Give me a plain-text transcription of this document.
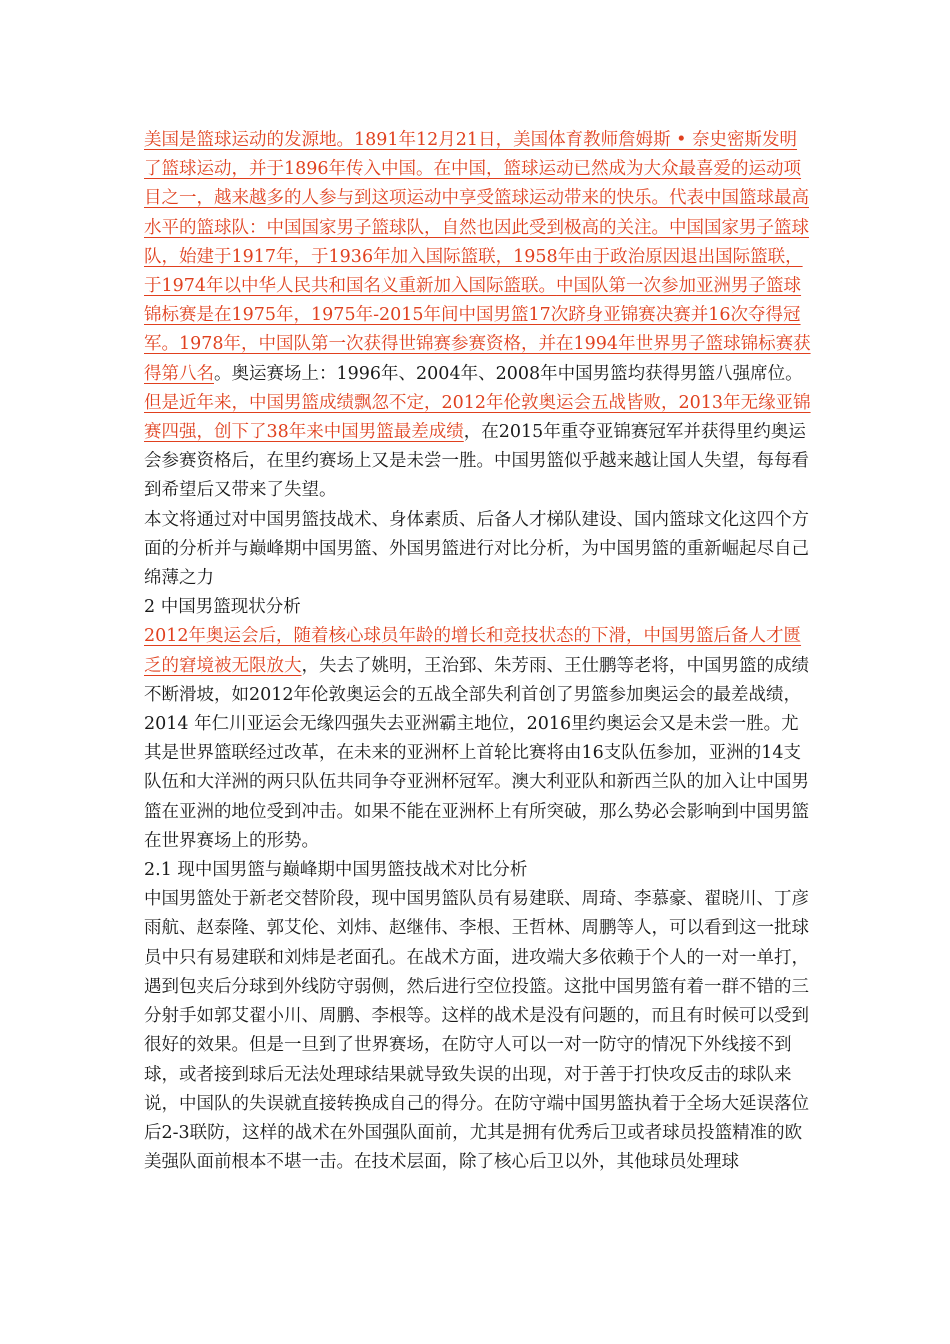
美国是篮球运动的发源地。1891年12月21日，美国体育教师詹姆斯 • 奈史密斯发明了篮球运动，并于1896年传入中国。在中国，篮球运动已然成为大众最喜爱的运动项目之一，越来越多的人参与到这项运动中享受篮球运动带来的快乐。代表中国篮球最高水平的篮球队：中国国家男子篮球队，自然也因此受到极高的关注。中国国家男子篮球队，始建于1917年，于1936年加入国际篮联，1958年由于政治原因退出国际篮联，于1974年以中华人民共和国名义重新加入国际篮联。中国队第一次参加亚洲男子篮球锦标赛是在1975年，1975年-2015年间中国男篮17次跻身亚锦赛决赛并16次夺得冠军。1978年，中国队第一次获得世锦赛参赛资格，并在1994年世界男子篮球锦标赛获得第八名。奥运赛场上：1996年、2004年、2008年中国男篮均获得男篮八强席位。但是近年来，中国男篮成绩飘忽不定，2012年伦敦奥运会五战皆败，2013年无缘亚锦赛四强，创下了38年来中国男篮最差成绩，在2015年重夺亚锦赛冠军并获得里约奥运会参赛资格后，在里约赛场上又是未尝一胜。中国男篮似乎越来越让国人失望，每每看到希望后又带来了失望。

本文将通过对中国男篮技战术、身体素质、后备人才梯队建设、国内篮球文化这四个方面的分析并与巅峰期中国男篮、外国男篮进行对比分析，为中国男篮的重新崛起尽自己绵薄之力

2 中国男篮现状分析

2012年奥运会后，随着核心球员年龄的增长和竞技状态的下滑，中国男篮后备人才匮乏的窘境被无限放大，失去了姚明，王治郅、朱芳雨、王仕鹏等老将，中国男篮的成绩不断滑坡，如2012年伦敦奥运会的五战全部失利首创了男篮参加奥运会的最差战绩，2014 年仁川亚运会无缘四强失去亚洲霸主地位，2016里约奥运会又是未尝一胜。尤其是世界篮联经过改革，在未来的亚洲杯上首轮比赛将由16支队伍参加，亚洲的14支队伍和大洋洲的两只队伍共同争夺亚洲杯冠军。澳大利亚队和新西兰队的加入让中国男篮在亚洲的地位受到冲击。如果不能在亚洲杯上有所突破，那么势必会影响到中国男篮在世界赛场上的形势。

2.1 现中国男篮与巅峰期中国男篮技战术对比分析

中国男篮处于新老交替阶段，现中国男篮队员有易建联、周琦、李慕豪、翟晓川、丁彦雨航、赵泰隆、郭艾伦、刘炜、赵继伟、李根、王哲林、周鹏等人，可以看到这一批球员中只有易建联和刘炜是老面孔。在战术方面，进攻端大多依赖于个人的一对一单打，遇到包夹后分球到外线防守弱侧，然后进行空位投篮。这批中国男篮有着一群不错的三分射手如郭艾翟小川、周鹏、李根等。这样的战术是没有问题的，而且有时候可以受到很好的效果。但是一旦到了世界赛场，在防守人可以一对一防守的情况下外线接不到球，或者接到球后无法处理球结果就导致失误的出现，对于善于打快攻反击的球队来说，中国队的失误就直接转换成自己的得分。在防守端中国男篮执着于全场大延误落位后2-3联防，这样的战术在外国强队面前，尤其是拥有优秀后卫或者球员投篮精准的欧美强队面前根本不堪一击。在技术层面，除了核心后卫以外，其他球员处理球
